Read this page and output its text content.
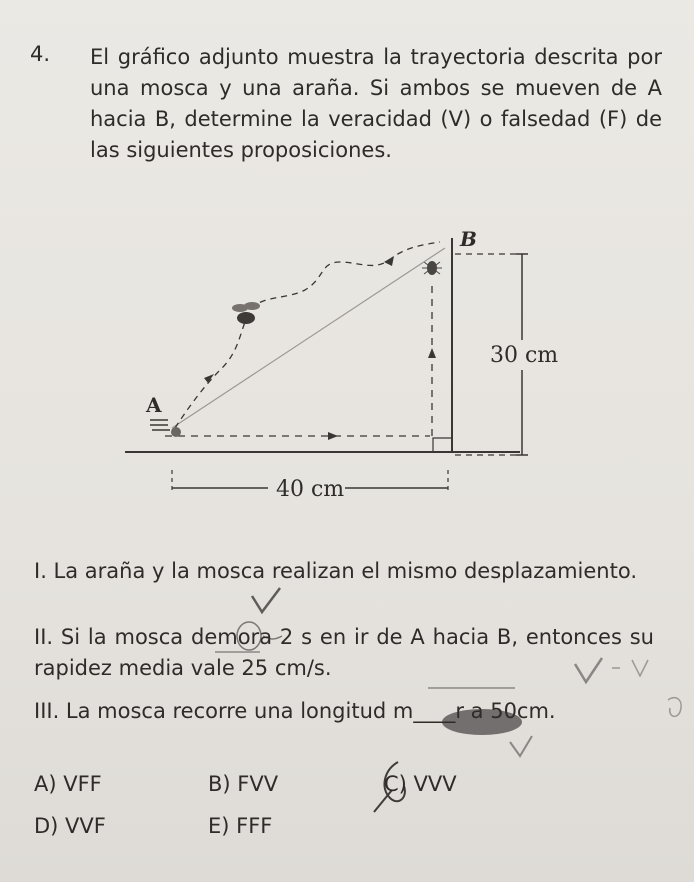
4. El gráfico adjunto muestra la trayectoria descrita por una mosca y una araña. Si ambos se mueven de A hacia B, determine la veracidad (V) o falsedad (F) de las siguientes proposiciones.
A
B
30 cm
40 cm
I. La araña y la mosca realizan el mismo desplazamiento.
II. Si la mosca demora 2 s en ir de A hacia B, entonces su rapidez media vale 25 cm/s.
III. La mosca recorre una longitud m____r a 50cm.
A) VFF	B) FVV	C) VVV
D) VVF	E) FFF
